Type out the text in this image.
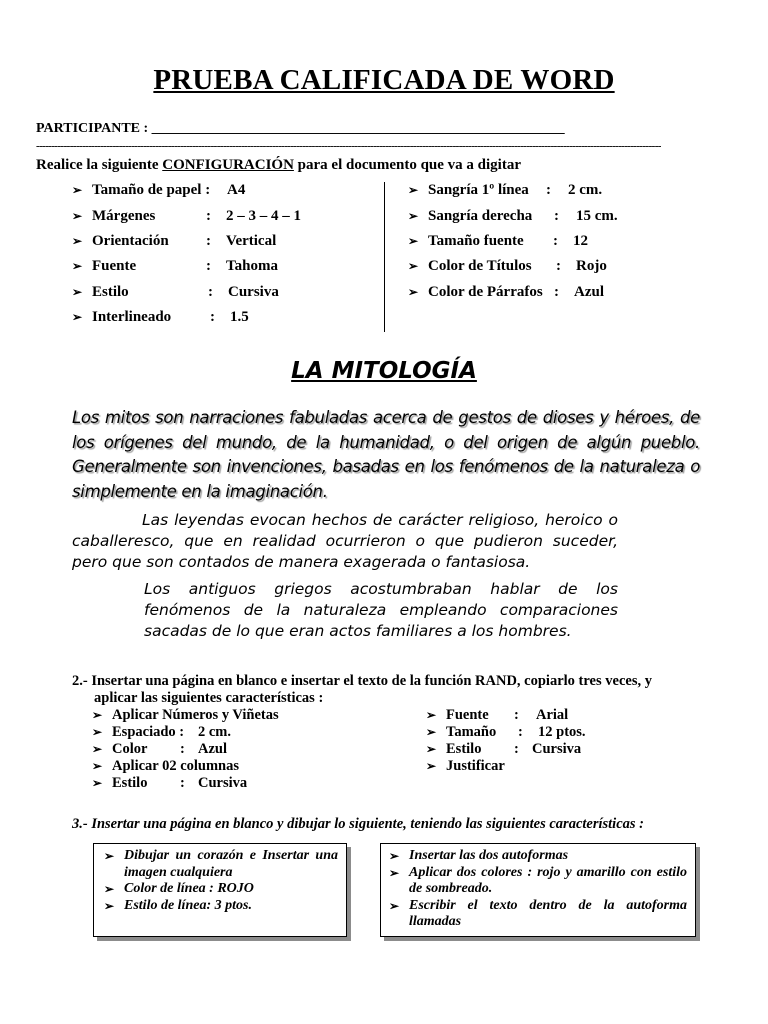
PRUEBA CALIFICADA DE WORD
PARTICIPANTE : ___________________________________________________________
------------------------------------------------------------------------------------------------------------------------------------------------------------------------------------------------------------
Realice la siguiente CONFIGURACIÓN para el documento que va a digitar
➢ Tamaño de papel : A4
➢ Márgenes	: 2 – 3 – 4 – 1
➢ Orientación : Vertical
➢ Fuente	: Tahoma
➢ Estilo	: Cursiva
➢ Interlineado	: 1.5
➢ Sangría 1º línea : 2 cm.
➢ Sangría derecha : 15 cm.
➢ Tamaño fuente : 12
➢ Color de Títulos : Rojo
➢ Color de Párrafos : Azul
LA MITOLOGÍA
Los mitos son narraciones fabuladas acerca de gestos de dioses y héroes, de los orígenes del mundo, de la humanidad, o del origen de algún pueblo. Generalmente son invenciones, basadas en los fenómenos de la naturaleza o simplemente en la imaginación.
Las leyendas evocan hechos de carácter religioso, heroico o caballeresco, que en realidad ocurrieron o que pudieron suceder, pero que son contados de manera exagerada o fantasiosa.
Los antiguos griegos acostumbraban hablar de los fenómenos de la naturaleza empleando comparaciones sacadas de lo que eran actos familiares a los hombres.
2.- Insertar una página en blanco e insertar el texto de la función RAND, copiarlo tres veces, y
aplicar las siguientes características :
➢ Aplicar Números y Viñetas
➢ Espaciado : 2 cm.
➢ Color : Azul
➢ Aplicar 02 columnas
➢ Estilo : Cursiva
➢ Fuente : Arial
➢ Tamaño : 12 ptos.
➢ Estilo : Cursiva
➢ Justificar
3.- Insertar una página en blanco y dibujar lo siguiente, teniendo las siguientes características :
➢ Dibujar un corazón e Insertar una imagen cualquiera
➢ Color de línea : ROJO
➢ Estilo de línea: 3 ptos.
➢ Insertar las dos autoformas
➢ Aplicar dos colores : rojo y amarillo con estilo de sombreado.
➢ Escribir el texto dentro de la autoforma llamadas
